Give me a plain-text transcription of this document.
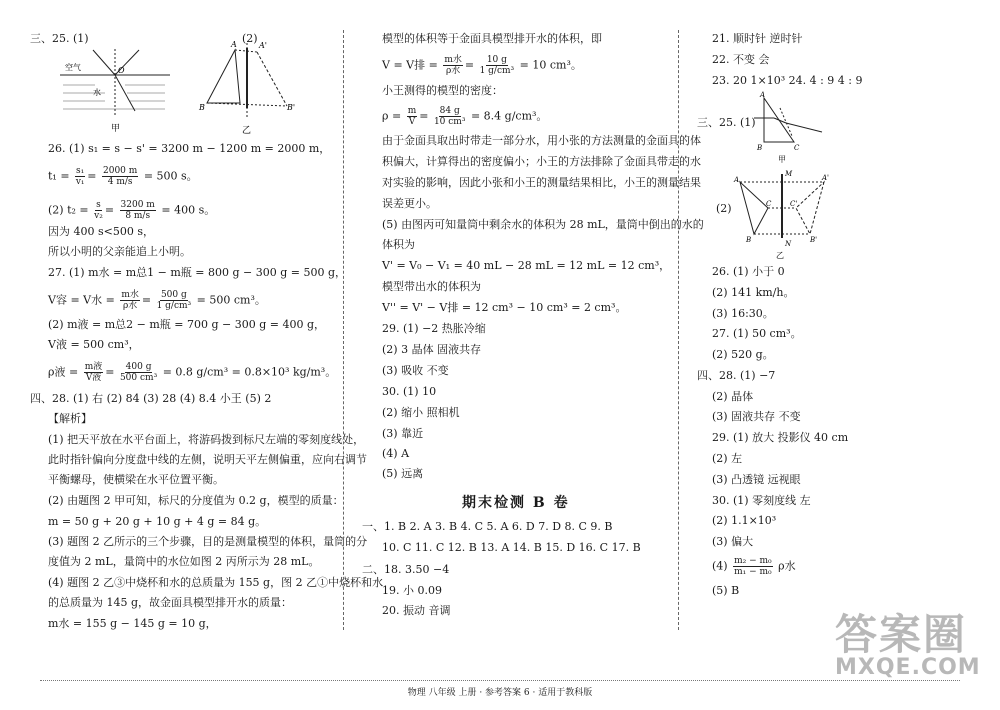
三、25. (1)	(2)
空气
水
O
甲
A	A'
B	B'
乙
26. (1) s₁ = s − s' = 3200 m − 1200 m = 2000 m，
$t_1 = \frac{\text{s₁}}{\text{v₁}} = \frac{2000 m}{4 m/s} = 500$ s。
(2) $t_2 = \frac{s}{\text{v₂}} = \frac{3200 m}{8 m/s} = 400$ s。
因为 400 s<500 s，
所以小明的父亲能追上小明。
27. (1) m水 = m总1 − m瓶 = 800 g − 300 g = 500 g，
V容 = V水 = $\frac{\text{m水}}{\text{ρ水}} = \frac{500 g}{\text{1 g/cm³}} = 500$ cm³。
(2) m液 = m总2 − m瓶 = 700 g − 300 g = 400 g，
V液 = 500 cm³，
ρ液 = $\frac{\text{m液}}{\text{V液}} = \frac{400 g}{\text{500 cm³}} = 0.8$ g/cm³ = 0.8×10³ kg/m³。
四、28. (1) 右 (2) 84 (3) 28 (4) 8.4 小王 (5) 2
【解析】
(1) 把天平放在水平台面上，将游码拨到标尺左端的零刻度线处，
此时指针偏向分度盘中线的左侧，说明天平左侧偏重，应向右调节
平衡螺母，使横梁在水平位置平衡。
(2) 由题图 2 甲可知，标尺的分度值为 0.2 g，模型的质量：
m = 50 g + 20 g + 10 g + 4 g = 84 g。
(3) 题图 2 乙所示的三个步骤，目的是测量模型的体积，量筒的分
度值为 2 mL，量筒中的水位如图 2 丙所示为 28 mL。
(4) 题图 2 乙③中烧杯和水的总质量为 155 g，图 2 乙①中烧杯和水
的总质量为 145 g，故金面具模型排开水的质量：
m水 = 155 g − 145 g = 10 g，
模型的体积等于金面具模型排开水的体积，即
V = V排 = $\frac{\text{m水}}{\text{ρ水}} = \frac{10 g}{\text{1 g/cm³}} = 10$ cm³。
小王测得的模型的密度：
$\rho = \frac{m}{V} = \frac{84 g}{\text{10 cm³}} = 8.4$ g/cm³。
由于金面具取出时带走一部分水，用小张的方法测量的金面具的体
积偏大，计算得出的密度偏小；小王的方法排除了金面具带走的水
对实验的影响，因此小张和小王的测量结果相比，小王的测量结果
误差更小。
(5) 由图丙可知量筒中剩余水的体积为 28 mL，量筒中倒出的水的
体积为
V' = V₀ − V₁ = 40 mL − 28 mL = 12 mL = 12 cm³，
模型带出水的体积为
V'' = V' − V排 = 12 cm³ − 10 cm³ = 2 cm³。
29. (1) −2 热胀冷缩
(2) 3 晶体 固液共存
(3) 吸收 不变
30. (1) 10
(2) 缩小 照相机
(3) 靠近
(4) A
(5) 远离
期末检测 B 卷
一、1. B 2. A 3. B 4. C 5. A 6. D 7. D 8. C 9. B
10. C 11. C 12. B 13. A 14. B 15. D 16. C 17. B
二、18. 3.50 −4
19. 小 0.09
20. 振动 音调
21. 顺时针 逆时针
22. 不变 会
23. 20 1×10³ 24. 4 : 9 4 : 9
三、25. (1)
A
B	C
甲
(2)
A
B
C
M
N
A'
B'
C'
乙
26. (1) 小于 0
(2) 141 km/h。
(3) 16:30。
27. (1) 50 cm³。
(2) 520 g。
四、28. (1) −7
(2) 晶体
(3) 固液共存 不变
29. (1) 放大 投影仪 40 cm
(2) 左
(3) 凸透镜 远视眼
30. (1) 零刻度线 左
(2) 1.1×10³
(3) 偏大
$(4) \frac{\text{m₂ − m₀}}{\text{m₁ − m₀}}$ ρ水
(5) B
答案圈
MXQE.COM
物理 八年级 上册 · 参考答案 6 · 适用于教科版
